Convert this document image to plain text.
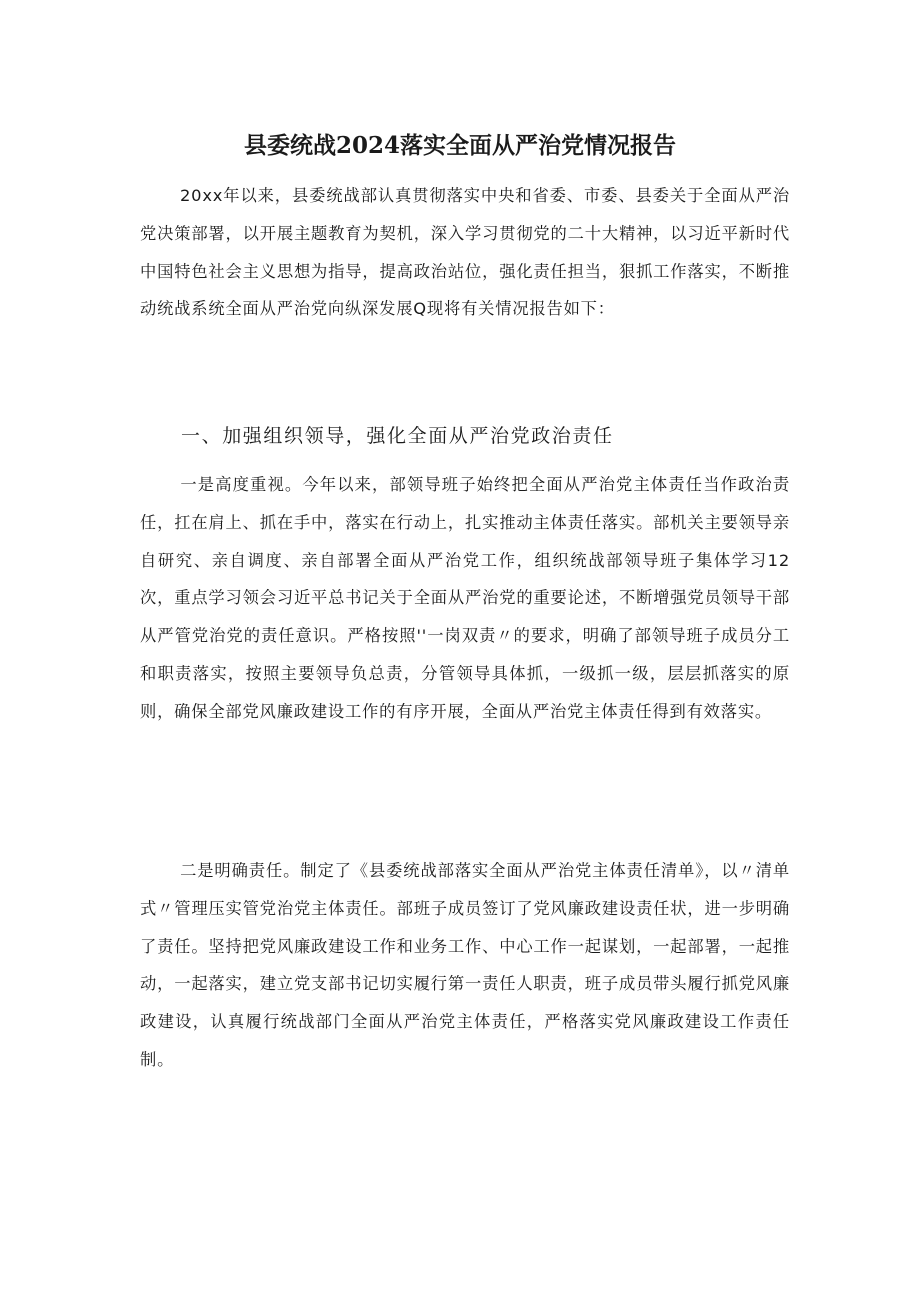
县委统战2024落实全面从严治党情况报告
20xx年以来，县委统战部认真贯彻落实中央和省委、市委、县委关于全面从严治党决策部署，以开展主题教育为契机，深入学习贯彻党的二十大精神，以习近平新时代中国特色社会主义思想为指导，提高政治站位，强化责任担当，狠抓工作落实，不断推动统战系统全面从严治党向纵深发展Q现将有关情况报告如下：
一、加强组织领导，强化全面从严治党政治责任
一是高度重视。今年以来，部领导班子始终把全面从严治党主体责任当作政治责任，扛在肩上、抓在手中，落实在行动上，扎实推动主体责任落实。部机关主要领导亲自研究、亲自调度、亲自部署全面从严治党工作，组织统战部领导班子集体学习12次，重点学习领会习近平总书记关于全面从严治党的重要论述，不断增强党员领导干部从严管党治党的责任意识。严格按照''一岗双责〃的要求，明确了部领导班子成员分工和职责落实，按照主要领导负总责，分管领导具体抓，一级抓一级，层层抓落实的原则，确保全部党风廉政建设工作的有序开展，全面从严治党主体责任得到有效落实。
二是明确责任。制定了《县委统战部落实全面从严治党主体责任清单》，以〃清单式〃管理压实管党治党主体责任。部班子成员签订了党风廉政建设责任状，进一步明确了责任。坚持把党风廉政建设工作和业务工作、中心工作一起谋划，一起部署，一起推动，一起落实，建立党支部书记切实履行第一责任人职责，班子成员带头履行抓党风廉政建设，认真履行统战部门全面从严治党主体责任，严格落实党风廉政建设工作责任制。
